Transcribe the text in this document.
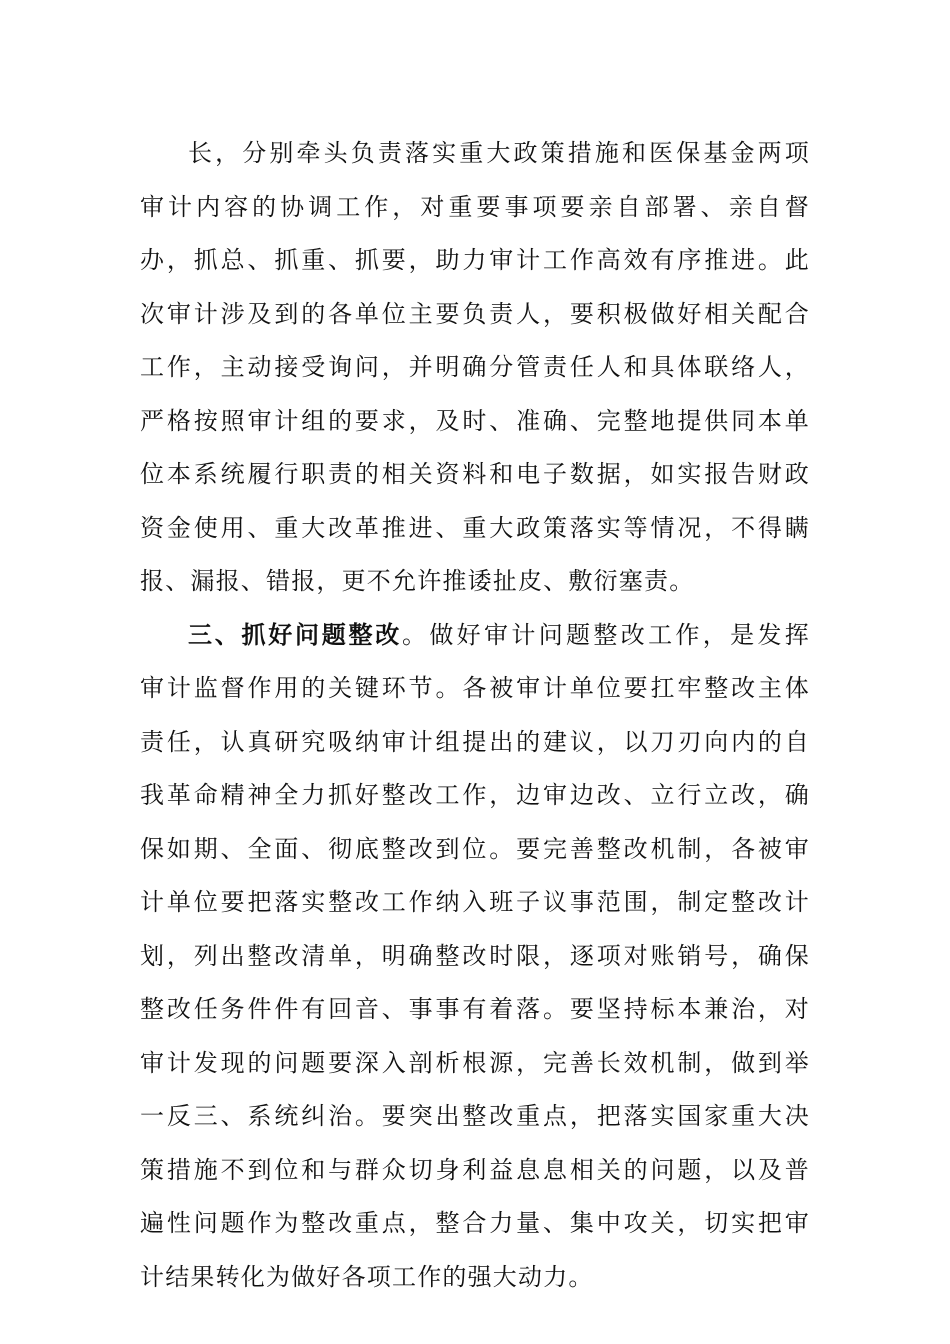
长，分别牵头负责落实重大政策措施和医保基金两项
审计内容的协调工作，对重要事项要亲自部署、亲自督
办，抓总、抓重、抓要，助力审计工作高效有序推进。此
次审计涉及到的各单位主要负责人，要积极做好相关配合
工作，主动接受询问，并明确分管责任人和具体联络人，
严格按照审计组的要求，及时、准确、完整地提供同本单
位本系统履行职责的相关资料和电子数据，如实报告财政
资金使用、重大改革推进、重大政策落实等情况，不得瞒
报、漏报、错报，更不允许推诿扯皮、敷衍塞责。
三、抓好问题整改。做好审计问题整改工作，是发挥
审计监督作用的关键环节。各被审计单位要扛牢整改主体
责任，认真研究吸纳审计组提出的建议，以刀刃向内的自
我革命精神全力抓好整改工作，边审边改、立行立改，确
保如期、全面、彻底整改到位。要完善整改机制，各被审
计单位要把落实整改工作纳入班子议事范围，制定整改计
划，列出整改清单，明确整改时限，逐项对账销号，确保
整改任务件件有回音、事事有着落。要坚持标本兼治，对
审计发现的问题要深入剖析根源，完善长效机制，做到举
一反三、系统纠治。要突出整改重点，把落实国家重大决
策措施不到位和与群众切身利益息息相关的问题，以及普
遍性问题作为整改重点，整合力量、集中攻关，切实把审
计结果转化为做好各项工作的强大动力。
